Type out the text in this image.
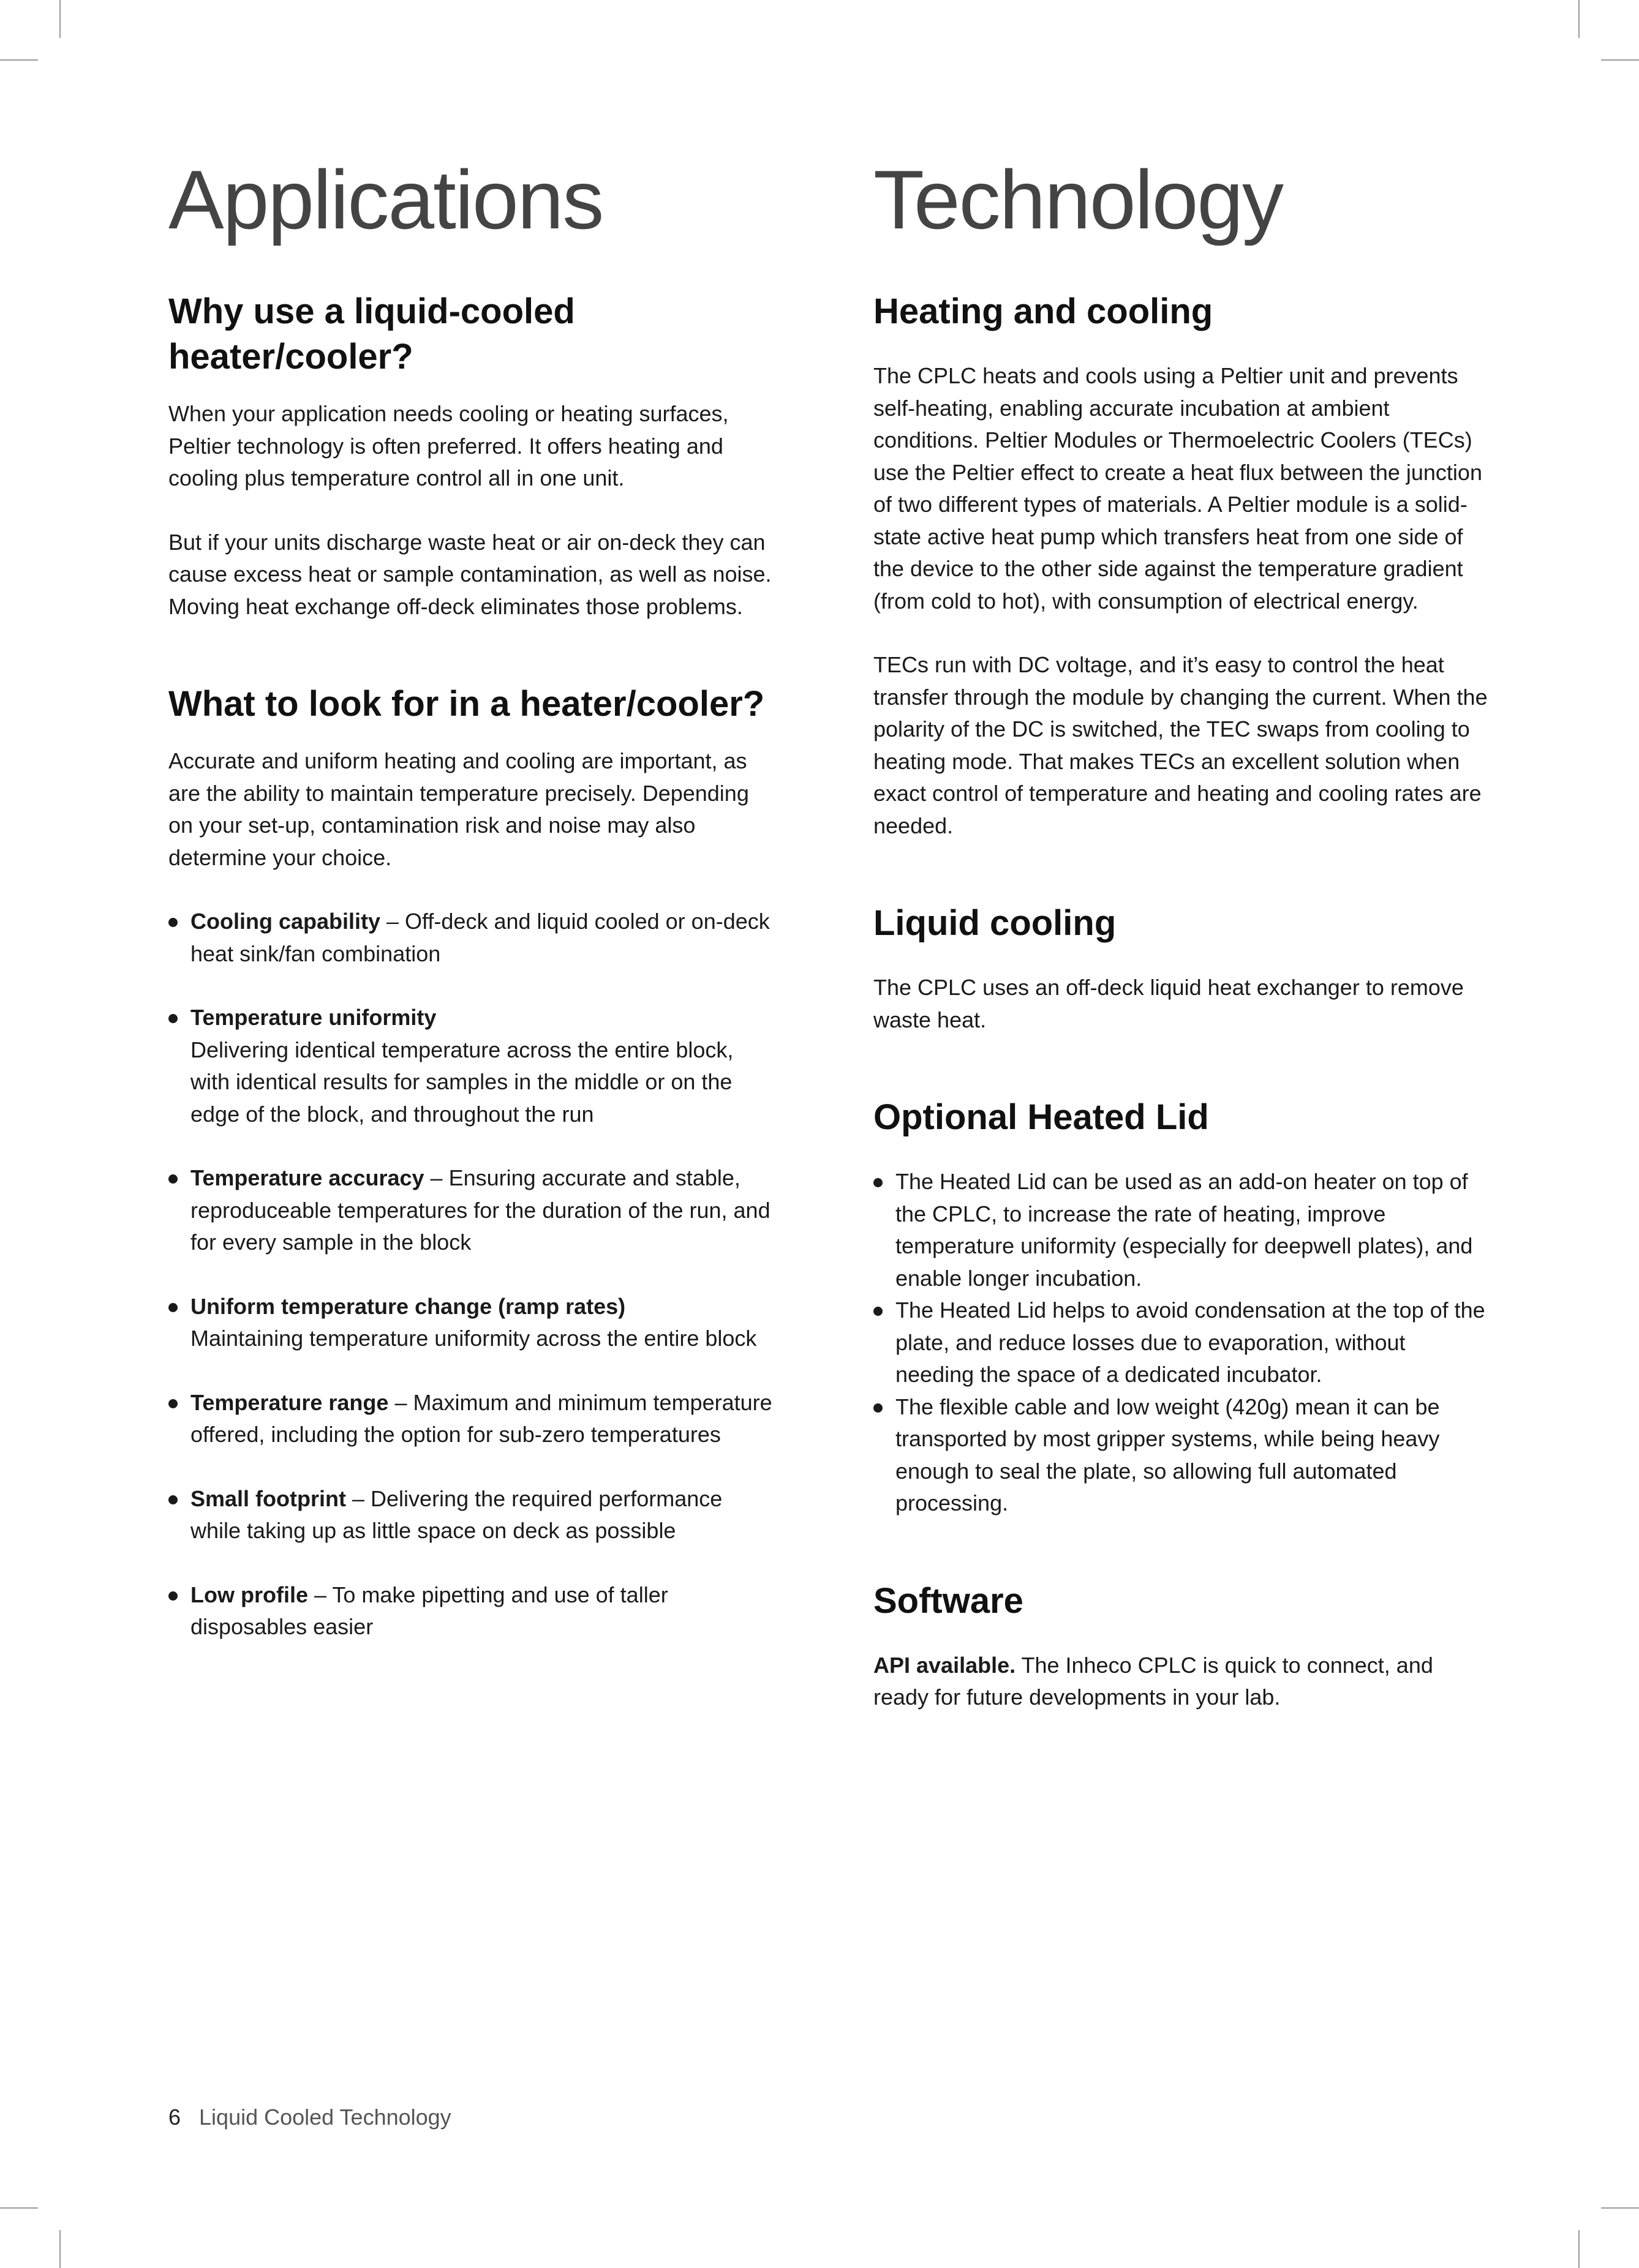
Applications
Why use a liquid-cooled heater/cooler?

When your application needs cooling or heating surfaces, Peltier technology is often preferred. It offers heating and cooling plus temperature control all in one unit.

But if your units discharge waste heat or air on-deck they can cause excess heat or sample contamination, as well as noise. Moving heat exchange off-deck eliminates those problems.

What to look for in a heater/cooler?

Accurate and uniform heating and cooling are important, as are the ability to maintain temperature precisely. Depending on your set-up, contamination risk and noise may also determine your choice.

Cooling capability – Off-deck and liquid cooled or on-deck heat sink/fan combination
Temperature uniformity
Delivering identical temperature across the entire block, with identical results for samples in the middle or on the edge of the block, and throughout the run
Temperature accuracy – Ensuring accurate and stable, reproduceable temperatures for the duration of the run, and for every sample in the block
Uniform temperature change (ramp rates)
Maintaining temperature uniformity across the entire block
Temperature range – Maximum and minimum temperature offered, including the option for sub-zero temperatures
Small footprint – Delivering the required performance while taking up as little space on deck as possible
Low profile – To make pipetting and use of taller disposables easier
Technology
Heating and cooling

The CPLC heats and cools using a Peltier unit and prevents self-heating, enabling accurate incubation at ambient conditions. Peltier Modules or Thermoelectric Coolers (TECs) use the Peltier effect to create a heat flux between the junction of two different types of materials. A Peltier module is a solid-state active heat pump which transfers heat from one side of the device to the other side against the temperature gradient (from cold to hot), with consumption of electrical energy.

TECs run with DC voltage, and it’s easy to control the heat transfer through the module by changing the current. When the polarity of the DC is switched, the TEC swaps from cooling to heating mode. That makes TECs an excellent solution when exact control of temperature and heating and cooling rates are needed.

Liquid cooling

The CPLC uses an off-deck liquid heat exchanger to remove waste heat.

Optional Heated Lid
The Heated Lid can be used as an add-on heater on top of the CPLC, to increase the rate of heating, improve temperature uniformity (especially for deepwell plates), and enable longer incubation.
The Heated Lid helps to avoid condensation at the top of the plate, and reduce losses due to evaporation, without needing the space of a dedicated incubator.
The flexible cable and low weight (420g) mean it can be transported by most gripper systems, while being heavy enough to seal the plate, so allowing full automated processing.
Software

API available. The Inheco CPLC is quick to connect, and ready for future developments in your lab.

6 Liquid Cooled Technology
